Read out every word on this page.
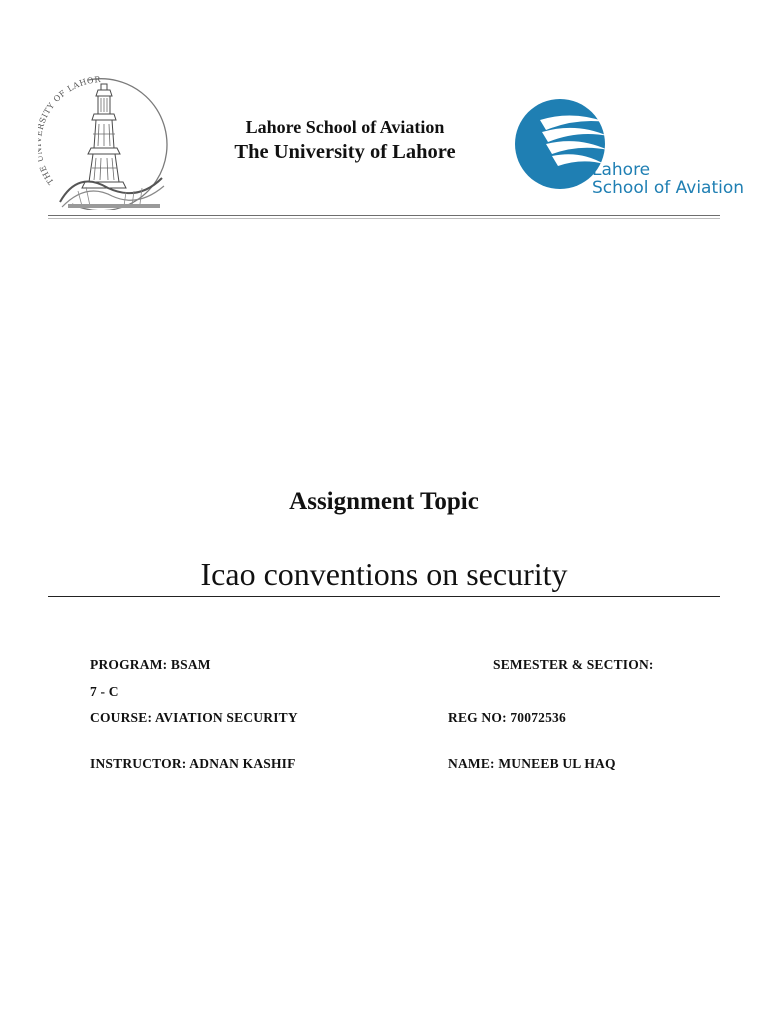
THE SITY OF LAHOR
Lahore School of Aviation
The University of Lahore
Lahore
School of Aviation
Assignment Topic
Icao conventions on security
PROGRAM: BSAM	SEMESTER & SECTION:
7 - C
COURSE: AVIATION SECURITY	REG NO: 70072536
INSTRUCTOR: ADNAN KASHIF	NAME: MUNEEB UL HAQ
